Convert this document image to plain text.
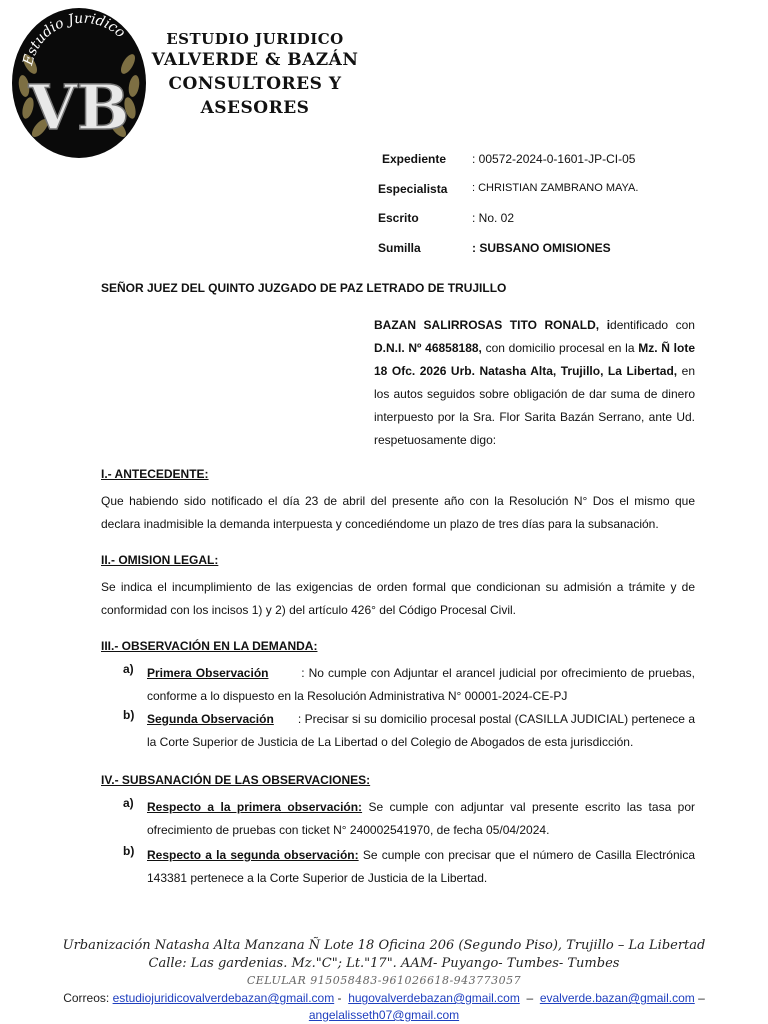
Estudio Juridico
VB
ESTUDIO JURIDICO
VALVERDE & BAZÁN
CONSULTORES Y
ASESORES
Expediente : 00572-2024-0-1601-JP-CI-05
Especialista : CHRISTIAN ZAMBRANO MAYA.
Escrito	: No. 02
Sumilla	: SUBSANO OMISIONES
SEÑOR JUEZ DEL QUINTO JUZGADO DE PAZ LETRADO DE TRUJILLO
BAZAN SALIRROSAS TITO RONALD, identificado con D.N.I. Nº 46858188, con domicilio procesal en la Mz. Ñ lote 18 Ofc. 2026 Urb. Natasha Alta, Trujillo, La Libertad, en los autos seguidos sobre obligación de dar suma de dinero interpuesto por la Sra. Flor Sarita Bazán Serrano, ante Ud. respetuosamente digo:
I.- ANTECEDENTE:
Que habiendo sido notificado el día 23 de abril del presente año con la Resolución N° Dos el mismo que declara inadmisible la demanda interpuesta y concediéndome un plazo de tres días para la subsanación.
II.- OMISION LEGAL:
Se indica el incumplimiento de las exigencias de orden formal que condicionan su admisión a trámite y de conformidad con los incisos 1) y 2) del artículo 426° del Código Procesal Civil.
III.- OBSERVACIÓN EN LA DEMANDA:
a) Primera Observación	: No cumple con Adjuntar el arancel judicial por ofrecimiento de pruebas, conforme a lo dispuesto en la Resolución Administrativa N° 00001-2024-CE-PJ
b) Segunda Observación : Precisar si su domicilio procesal postal (CASILLA JUDICIAL) pertenece a la Corte Superior de Justicia de La Libertad o del Colegio de Abogados de esta jurisdicción.
IV.- SUBSANACIÓN DE LAS OBSERVACIONES:
a) Respecto a la primera observación: Se cumple con adjuntar val presente escrito las tasa por ofrecimiento de pruebas con ticket N° 240002541970, de fecha 05/04/2024.
b) Respecto a la segunda observación: Se cumple con precisar que el número de Casilla Electrónica 143381 pertenece a la Corte Superior de Justicia de la Libertad.
Urbanización Natasha Alta Manzana Ñ Lote 18 Oficina 206 (Segundo Piso), Trujillo – La Libertad
Calle: Las gardenias. Mz."C"; Lt."17". AAM- Puyango- Tumbes- Tumbes
CELULAR 915058483-961026618-943773057
Correos: estudiojuridicovalverdebazan@gmail.com -  hugovalverdebazan@gmail.com  –  evalverde.bazan@gmail.com –
angelalisseth07@gmail.com
